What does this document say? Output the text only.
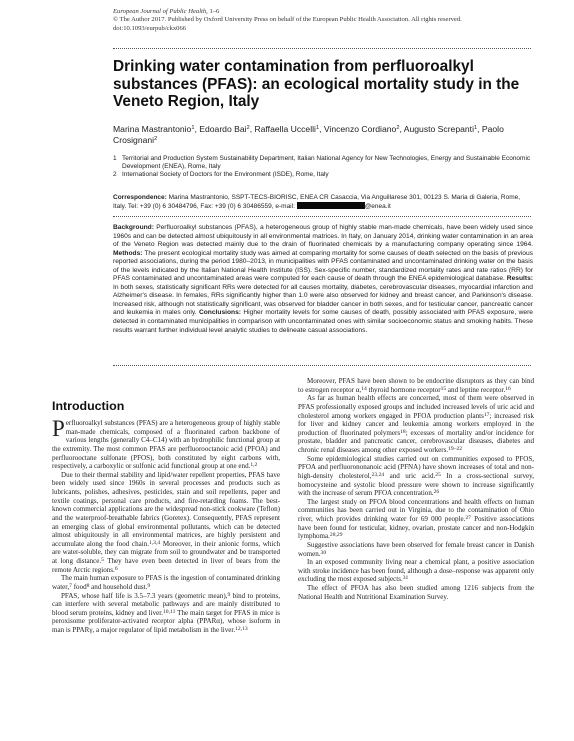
European Journal of Public Health, 1–6
© The Author 2017. Published by Oxford University Press on behalf of the European Public Health Association. All rights reserved.
doi:10.1093/eurpub/ckx066
Drinking water contamination from perfluoroalkyl substances (PFAS): an ecological mortality study in the Veneto Region, Italy
Marina Mastrantonio$^1$, Edoardo Bai$^2$, Raffaella Uccelli$^1$, Vincenzo Cordiano$^2$, Augusto Screpanti$^1$, Paolo Crosignani$^2$
1 Territorial and Production System Sustainability Department, Italian National Agency for New Technologies, Energy and Sustainable Economic Development (ENEA), Rome, Italy
2 International Society of Doctors for the Environment (ISDE), Rome, Italy
Correspondence: Marina Mastrantonio, SSPT-TECS-BIORISC, ENEA CR Casaccia, Via Anguillarese 301, 00123 S. Maria di Galeria, Rome, Italy. Tel: +39 (0) 6 30484796, Fax: +39 (0) 6 30486559, e-mail:	@enea.it
Background: Perfluoroalkyl substances (PFAS), a heterogeneous group of highly stable man-made chemicals, have been widely used since 1960s and can be detected almost ubiquitously in all environmental matrices. In Italy, on January 2014, drinking water contamination in an area of the Veneto Region was detected mainly due to the drain of fluorinated chemicals by a manufacturing company operating since 1964. Methods: The present ecological mortality study was aimed at comparing mortality for some causes of death selected on the basis of previous reported associations, during the period 1980–2013, in municipalities with PFAS contaminated and uncontaminated drinking water on the basis of the levels indicated by the Italian National Health Institute (ISS). Sex-specific number, standardized mortality rates and rate ratios (RR) for PFAS contaminated and uncontaminated areas were computed for each cause of death through the ENEA epidemiological database. Results: In both sexes, statistically significant RRs were detected for all causes mortality, diabetes, cerebrovascular diseases, myocardial infarction and Alzheimer's disease. In females, RRs significantly higher than 1.0 were also observed for kidney and breast cancer, and Parkinson's disease. Increased risk, although not statistically significant, was observed for bladder cancer in both sexes, and for testicular cancer, pancreatic cancer and leukemia in males only. Conclusions: Higher mortality levels for some causes of death, possibly associated with PFAS exposure, were detected in contaminated municipalities in comparison with uncontaminated ones with similar socioeconomic status and smoking habits. These results warrant further individual level analytic studies to delineate casual associations.
Introduction

Perfluoroalkyl substances (PFAS) are a heterogeneous group of highly stable man-made chemicals, composed of a fluorinated carbon backbone of various lengths (generally C4–C14) with an hydrophilic functional group at the extremity. The most common PFAS are perfluorooctanoic acid (PFOA) and perfluorooctane sulfonate (PFOS), both constituted by eight carbons with, respectively, a carboxylic or sulfonic acid functional group at one end.$^{1,2}$

Due to their thermal stability and lipid/water repellent properties, PFAS have been widely used since 1960s in several processes and products such as lubricants, polishes, adhesives, pesticides, stain and soil repellents, paper and textile coatings, personal care products, and fire-retarding foams. The best-known commercial applications are the widespread non-stick cookware (Teflon) and the waterproof-breathable fabrics (Goretex). Consequently, PFAS represent an emerging class of global environmental pollutants, which can be detected almost ubiquitously in all environmental matrices, are highly persistent and accumulate along the food chain.$^{1,3,4}$ Moreover, in their anionic forms, which are water-soluble, they can migrate from soil to groundwater and be transported at long distance.$^5$ They have even been detected in liver of bears from the remote Arctic regions.$^6$

The main human exposure to PFAS is the ingestion of contaminated drinking water,$^7$ food$^8$ and household dust.$^9$

PFAS, whose half life is 3.5–7.3 years (geometric mean),$^9$ bind to proteins, can interfere with several metabolic pathways and are mainly distributed to blood serum proteins, kidney and liver.$^{10,11}$ The main target for PFAS in mice is peroxisome proliferator-activated receptor alpha (PPARα), whose isoform in man is PPARγ, a major regulator of lipid metabolism in the liver.$^{12,13}$

Moreover, PFAS have been shown to be endocrine disruptors as they can bind to estrogen receptor α,$^{14}$ thyroid hormone receptor$^{15}$ and leptine receptor.$^{16}$

As far as human health effects are concerned, most of them were observed in PFAS professionally exposed groups and included increased levels of uric acid and cholesterol among workers engaged in PFOA production plants$^{17}$; increased risk for liver and kidney cancer and leukemia among workers employed in the production of fluorinated polymers$^{18}$; excesses of mortality and/or incidence for prostate, bladder and pancreatic cancer, cerebrovascular diseases, diabetes and chronic renal diseases among other exposed workers.$^{19-22}$

Some epidemiological studies carried out on communities exposed to PFOS, PFOA and perfluorononanoic acid (PFNA) have shown increases of total and non-high-density cholesterol,$^{23,24}$ and uric acid.$^{25}$ In a cross-sectional survey, homocysteine and systolic blood pressure were shown to increase significantly with the increase of serum PFOA concentration.$^{26}$

The largest study on PFOA blood concentrations and health effects on human communities has been carried out in Virginia, due to the contamination of Ohio river, which provides drinking water for 69 000 people.$^{27}$ Positive associations have been found for testicular, kidney, ovarian, prostate cancer and non-Hodgkin lymphoma.$^{28,29}$

Suggestive associations have been observed for female breast cancer in Danish women.$^{30}$

In an exposed community living near a chemical plant, a positive association with stroke incidence has been found, although a dose–response was apparent only excluding the most exposed subjects.$^{31}$

The effect of PFOA has also been studied among 1216 subjects from the National Health and Nutritional Examination Survey.
